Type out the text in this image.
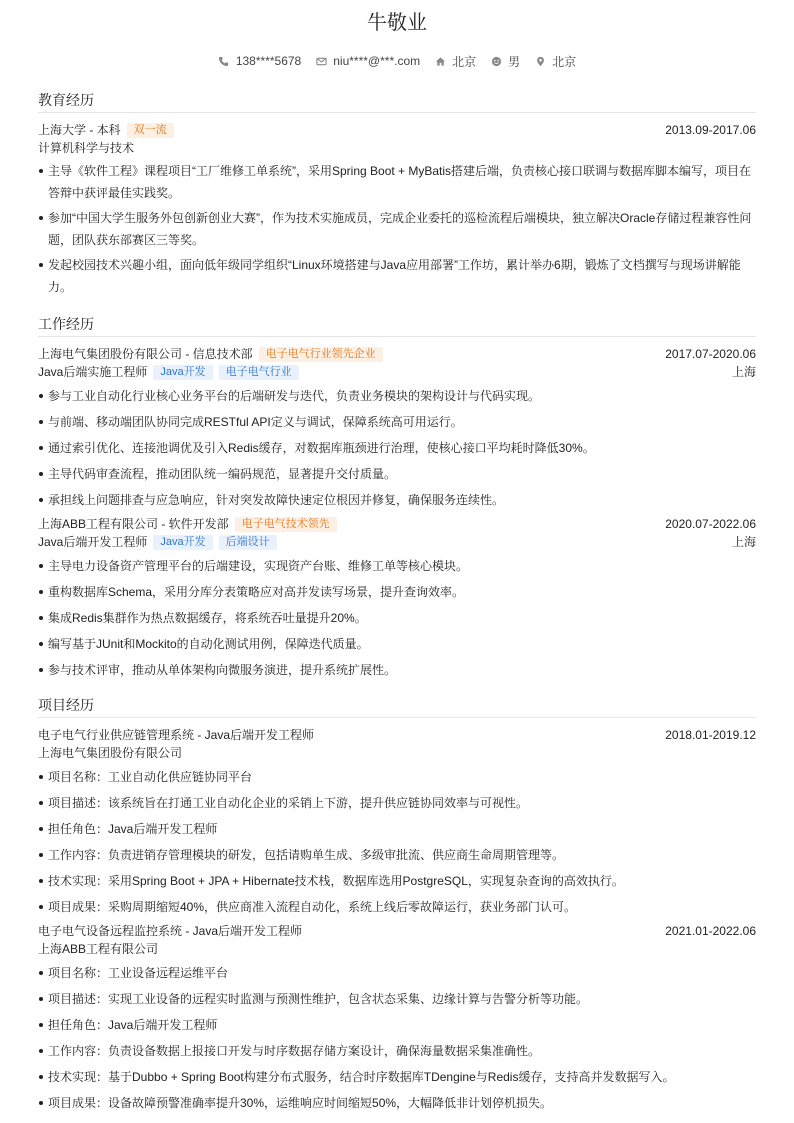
牛敬业
138****5678	niu****@***.com	北京	男	北京
教育经历
上海大学 - 本科	双一流	2013.09-2017.06
计算机科学与技术
主导《软件工程》课程项目“工厂维修工单系统”，采用Spring Boot + MyBatis搭建后端，负责核心接口联调与数据库脚本编写，项目在答辩中获评最佳实践奖。
参加“中国大学生服务外包创新创业大赛”，作为技术实施成员，完成企业委托的巡检流程后端模块，独立解决Oracle存储过程兼容性问题，团队获东部赛区三等奖。
发起校园技术兴趣小组，面向低年级同学组织“Linux环境搭建与Java应用部署”工作坊，累计举办6期，锻炼了文档撰写与现场讲解能力。
工作经历
上海电气集团股份有限公司 - 信息技术部	电子电气行业领先企业	2017.07-2020.06
Java后端实施工程师	Java开发	电子电气行业	上海
参与工业自动化行业核心业务平台的后端研发与迭代，负责业务模块的架构设计与代码实现。
与前端、移动端团队协同完成RESTful API定义与调试，保障系统高可用运行。
通过索引优化、连接池调优及引入Redis缓存，对数据库瓶颈进行治理，使核心接口平均耗时降低30%。
主导代码审查流程，推动团队统一编码规范，显著提升交付质量。
承担线上问题排查与应急响应，针对突发故障快速定位根因并修复，确保服务连续性。
上海ABB工程有限公司 - 软件开发部	电子电气技术领先	2020.07-2022.06
Java后端开发工程师	Java开发	后端设计	上海
主导电力设备资产管理平台的后端建设，实现资产台账、维修工单等核心模块。
重构数据库Schema，采用分库分表策略应对高并发读写场景，提升查询效率。
集成Redis集群作为热点数据缓存，将系统吞吐量提升20%。
编写基于JUnit和Mockito的自动化测试用例，保障迭代质量。
参与技术评审，推动从单体架构向微服务演进，提升系统扩展性。
项目经历
电子电气行业供应链管理系统 - Java后端开发工程师	2018.01-2019.12
上海电气集团股份有限公司
项目名称：工业自动化供应链协同平台
项目描述：该系统旨在打通工业自动化企业的采销上下游，提升供应链协同效率与可视性。
担任角色：Java后端开发工程师
工作内容：负责进销存管理模块的研发，包括请购单生成、多级审批流、供应商生命周期管理等。
技术实现：采用Spring Boot + JPA + Hibernate技术栈，数据库选用PostgreSQL，实现复杂查询的高效执行。
项目成果：采购周期缩短40%，供应商准入流程自动化，系统上线后零故障运行，获业务部门认可。
电子电气设备远程监控系统 - Java后端开发工程师	2021.01-2022.06
上海ABB工程有限公司
项目名称：工业设备远程运维平台
项目描述：实现工业设备的远程实时监测与预测性维护，包含状态采集、边缘计算与告警分析等功能。
担任角色：Java后端开发工程师
工作内容：负责设备数据上报接口开发与时序数据存储方案设计，确保海量数据采集准确性。
技术实现：基于Dubbo + Spring Boot构建分布式服务，结合时序数据库TDengine与Redis缓存，支持高并发数据写入。
项目成果：设备故障预警准确率提升30%，运维响应时间缩短50%，大幅降低非计划停机损失。
